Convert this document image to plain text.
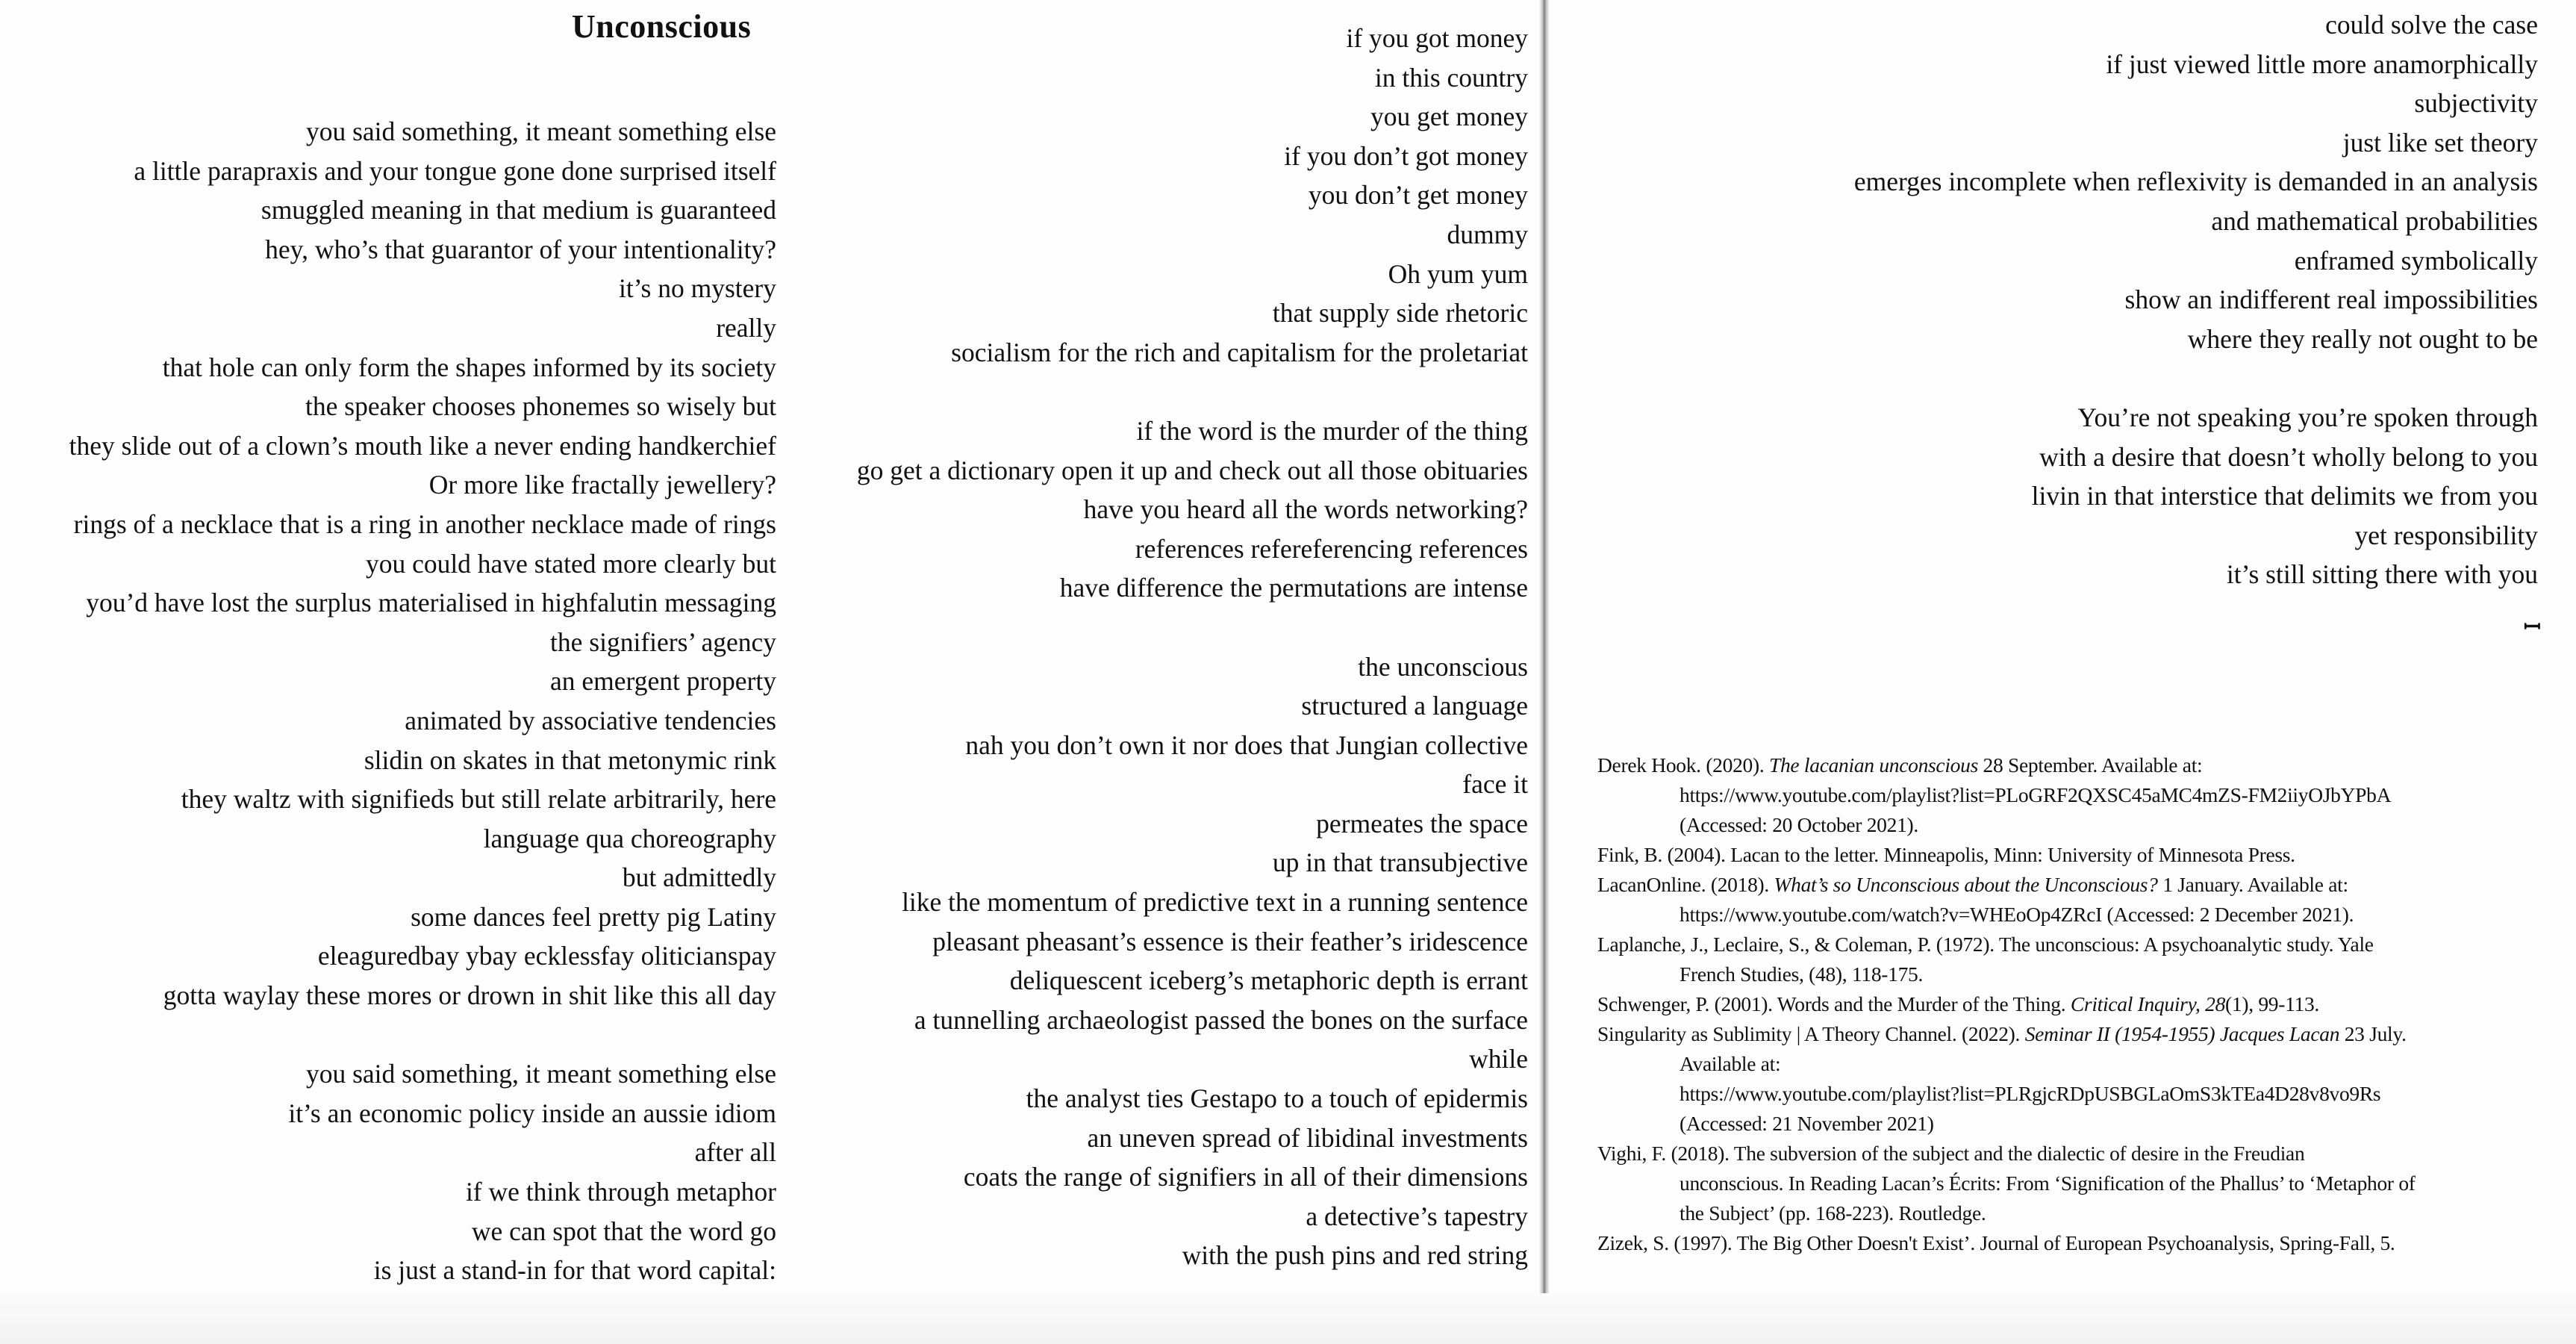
Unconscious
you said something, it meant something else
a little parapraxis and your tongue gone done surprised itself
smuggled meaning in that medium is guaranteed
hey, who’s that guarantor of your intentionality?
it’s no mystery
really
that hole can only form the shapes informed by its society
the speaker chooses phonemes so wisely but
they slide out of a clown’s mouth like a never ending handkerchief
Or more like fractally jewellery?
rings of a necklace that is a ring in another necklace made of rings
you could have stated more clearly but
you’d have lost the surplus materialised in highfalutin messaging
the signifiers’ agency
an emergent property
animated by associative tendencies
slidin on skates in that metonymic rink
they waltz with signifieds but still relate arbitrarily, here
language qua choreography
but admittedly
some dances feel pretty pig Latiny
eleaguredbay ybay ecklessfay oliticianspay
gotta waylay these mores or drown in shit like this all day
you said something, it meant something else
it’s an economic policy inside an aussie idiom
after all
if we think through metaphor
we can spot that the word go
is just a stand-in for that word capital:
if you got money
in this country
you get money
if you don’t got money
you don’t get money
dummy
Oh yum yum
that supply side rhetoric
socialism for the rich and capitalism for the proletariat
if the word is the murder of the thing
go get a dictionary open it up and check out all those obituaries
have you heard all the words networking?
references refereferencing references
have difference the permutations are intense
the unconscious
structured a language
nah you don’t own it nor does that Jungian collective
face it
permeates the space
up in that transubjective
like the momentum of predictive text in a running sentence
pleasant pheasant’s essence is their feather’s iridescence
deliquescent iceberg’s metaphoric depth is errant
a tunnelling archaeologist passed the bones on the surface
while
the analyst ties Gestapo to a touch of epidermis
an uneven spread of libidinal investments
coats the range of signifiers in all of their dimensions
a detective’s tapestry
with the push pins and red string
could solve the case
if just viewed little more anamorphically
subjectivity
just like set theory
emerges incomplete when reflexivity is demanded in an analysis
and mathematical probabilities
enframed symbolically
show an indifferent real impossibilities
where they really not ought to be
You’re not speaking you’re spoken through
with a desire that doesn’t wholly belong to you
livin in that interstice that delimits we from you
yet responsibility
it’s still sitting there with you
ꟷ
Derek Hook. (2020). The lacanian unconscious 28 September. Available at:
https://www.youtube.com/playlist?list=PLoGRF2QXSC45aMC4mZS-FM2iiyOJbYPbA
(Accessed: 20 October 2021).
Fink, B. (2004). Lacan to the letter. Minneapolis, Minn: University of Minnesota Press.
LacanOnline. (2018). What’s so Unconscious about the Unconscious? 1 January. Available at:
https://www.youtube.com/watch?v=WHEoOp4ZRcI (Accessed: 2 December 2021).
Laplanche, J., Leclaire, S., & Coleman, P. (1972). The unconscious: A psychoanalytic study. Yale
French Studies, (48), 118-175.
Schwenger, P. (2001). Words and the Murder of the Thing. Critical Inquiry, 28(1), 99-113.
Singularity as Sublimity | A Theory Channel. (2022). Seminar II (1954-1955) Jacques Lacan 23 July.
Available at:
https://www.youtube.com/playlist?list=PLRgjcRDpUSBGLaOmS3kTEa4D28v8vo9Rs
(Accessed: 21 November 2021)
Vighi, F. (2018). The subversion of the subject and the dialectic of desire in the Freudian
unconscious. In Reading Lacan’s Écrits: From ‘Signification of the Phallus’ to ‘Metaphor of
the Subject’ (pp. 168-223). Routledge.
Zizek, S. (1997). The Big Other Doesn't Exist’. Journal of European Psychoanalysis, Spring-Fall, 5.
